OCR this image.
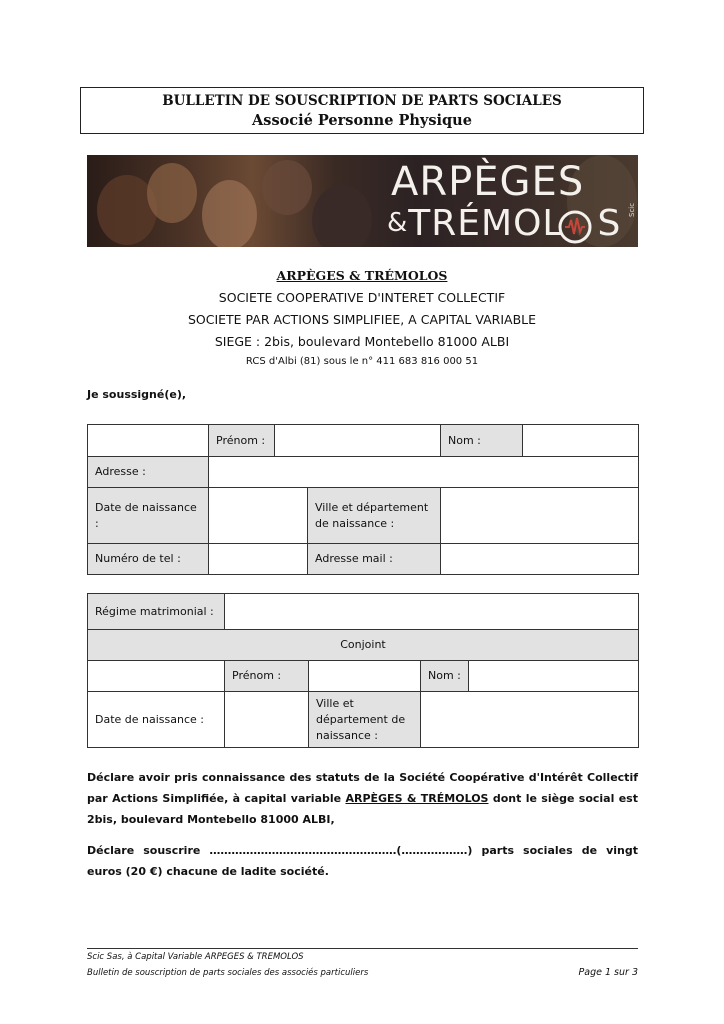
BULLETIN DE SOUSCRIPTION DE PARTS SOCIALES
Associé Personne Physique
ARPÈGES
&TRÉMOL S Scic
ARPÈGES & TRÉMOLOS
SOCIETE COOPERATIVE D'INTERET COLLECTIF
SOCIETE PAR ACTIONS SIMPLIFIEE, A CAPITAL VARIABLE
SIEGE : 2bis, boulevard Montebello 81000 ALBI
RCS d'Albi (81) sous le n° 411 683 816 000 51
Je soussigné(e),
	Prénom :			Nom :	
Adresse :					
Date de naissance :			Ville et département de naissance :		
Numéro de tel :			Adresse mail :		
Régime matrimonial :				
Conjoint				
	Prénom :		Nom :	
Date de naissance :		Ville et département de naissance :		
Déclare avoir pris connaissance des statuts de la Société Coopérative d'Intérêt Collectif par Actions Simplifiée, à capital variable ARPÈGES & TRÉMOLOS dont le siège social est 2bis, boulevard Montebello 81000 ALBI,
Déclare souscrire ……………………………………………(………………) parts sociales de vingt euros (20 €) chacune de ladite société.
Scic Sas, à Capital Variable ARPEGES & TREMOLOS
Bulletin de souscription de parts sociales des associés particuliers	Page 1 sur 3
